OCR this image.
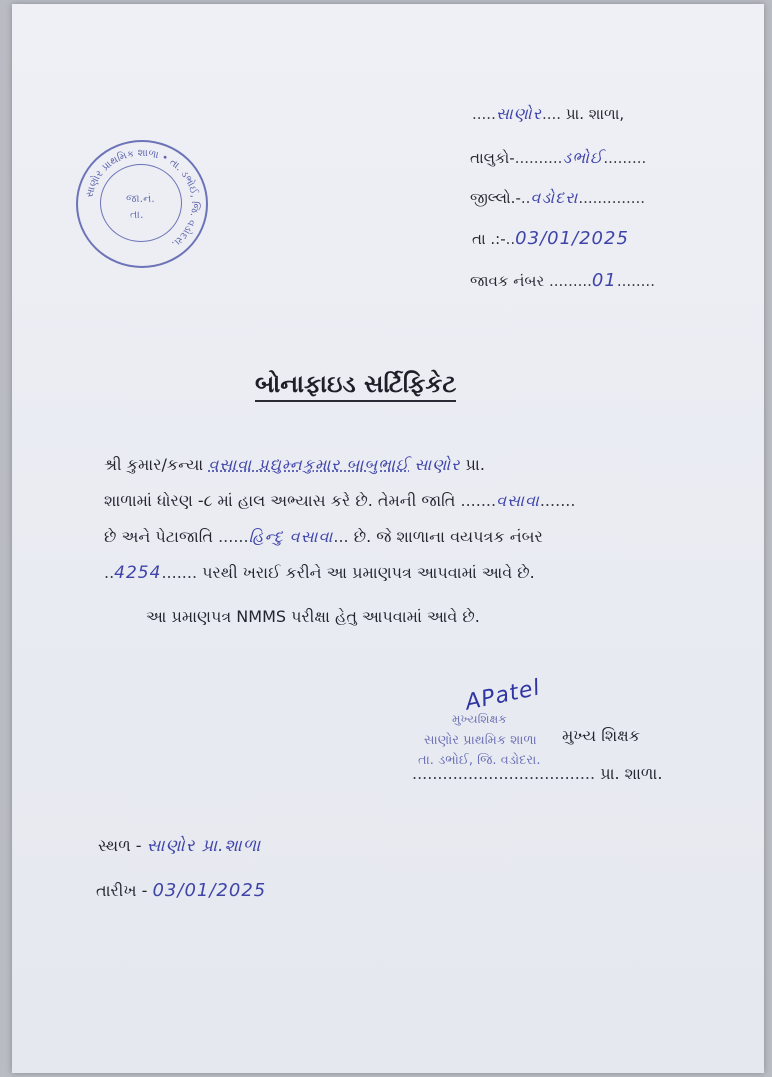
.....સાણોર.... પ્રા. શાળા,
તાલુકો-..........ડભોઈ.........
જીલ્લો.-..વડોદરા..............
તા .:-..03/01/2025
જાવક નંબર .........01........
સાણોર પ્રાથમિક શાળા • તા. ડભોઈ, જિ. વડોદરા.
જા.નં.
તા.
બોનાફાઇડ સર્ટિફિકેટ
શ્રી કુમાર/કન્યા વસાવા પ્રદ્યુમ્નકુમાર બાબુભાઈ સાણોર પ્રા.
શાળામાં ધોરણ -૮ માં હાલ અભ્યાસ કરે છે. તેમની જાતિ .......વસાવા.......
છે અને પેટાજાતિ ......હિન્દુ વસાવા... છે. જે શાળાના વયપત્રક નંબર
..4254....... પરથી ખરાઈ કરીને આ પ્રમાણપત્ર આપવામાં આવે છે.
આ પ્રમાણપત્ર NMMS પરીક્ષા હેતુ આપવામાં આવે છે.
APatel
મુખ્યશિક્ષક
સાણોર પ્રાથમિક શાળા
તા. ડભોઈ, જિ. વડોદરા.
મુખ્ય શિક્ષક
.................................... પ્રા. શાળા.
સ્થળ - સાણોર પ્રા.શાળા
તારીખ - 03/01/2025
